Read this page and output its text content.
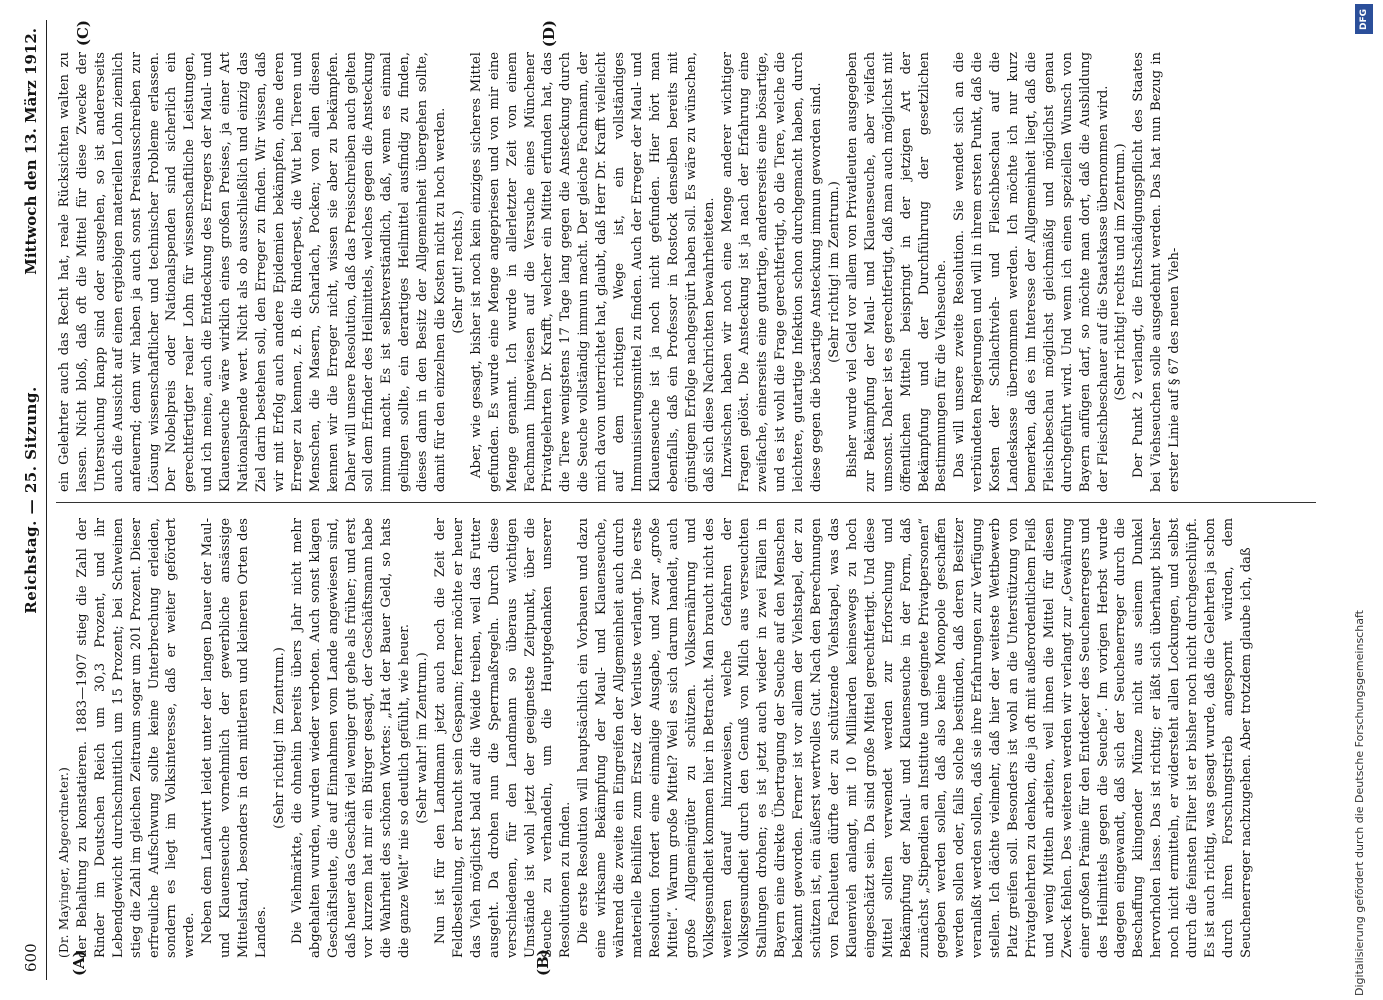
600
Reichstag. — 25. Sitzung.
Mittwoch den 13. März 1912.
(A)	(B)

(Dr. Mayinger, Abgeordneter.) der Behaltung zu konstatieren. 1883—1907 stieg die Zahl der Rinder im Deutschen Reich um 30,3 Prozent, und ihr Lebendgewicht durchschnittlich um 15 Prozent; bei Schweinen stieg die Zahl im gleichen Zeitraum sogar um 201 Prozent. Dieser erfreuliche Aufschwung sollte keine Unterbrechung erleiden, sondern es liegt im Volksinteresse, daß er weiter gefördert werde. Neben dem Landwirt leidet unter der langen Dauer der Maul- und Klauenseuche vornehmlich der gewerbliche ansässige Mittelstand, besonders in den mittleren und kleineren Orten des Landes.

(Sehr richtig! im Zentrum.) Die Viehmärkte, die ohnehin bereits übers Jahr nicht mehr abgehalten wurden, wurden wieder verboten. Auch sonst klagen Geschäftsleute, die auf Einnahmen vom Lande angewiesen sind, daß heuer das Geschäft viel weniger gut gehe als früher; und erst vor kurzem hat mir ein Bürger gesagt, der Geschäftsmann habe die Wahrheit des schönen Wortes: „Hat der Bauer Geld, so hats die ganze Welt“ nie so deutlich gefühlt, wie heuer. (Sehr wahr! im Zentrum.) Nun ist für den Landmann jetzt auch noch die Zeit der Feldbestellung, er braucht sein Gespann; ferner möchte er heuer das Vieh möglichst bald auf die Weide treiben, weil das Futter ausgeht. Da drohen nun die Sperrmaßregeln. Durch diese verschiedenen, für den Landmann so überaus wichtigen Umstände ist wohl jetzt der geeignetste Zeitpunkt, über die Seuche zu verhandeln, um die Hauptgedanken unserer Resolutionen zu finden. Die erste Resolution will hauptsächlich ein Vorbauen und dazu eine wirksame Bekämpfung der Maul- und Klauenseuche, während die zweite ein Eingreifen der Allgemeinheit auch durch materielle Beihilfen zum Ersatz der Verluste verlangt. Die erste Resolution fordert eine einmalige Ausgabe, und zwar „große Mittel“. Warum große Mittel? Weil es sich darum handelt, auch große Allgemeingüter zu schützen. Volksernährung und Volksgesundheit kommen hier in Betracht. Man braucht nicht des weiteren darauf hinzuweisen, welche Gefahren der Volksgesundheit durch den Genuß von Milch aus verseuchten Stallungen drohen; es ist jetzt auch wieder in zwei Fällen in Bayern eine direkte Übertragung der Seuche auf den Menschen bekannt geworden. Ferner ist vor allem der Viehstapel, der zu schützen ist, ein äußerst wertvolles Gut. Nach den Berechnungen von Fachleuten dürfte der zu schützende Viehstapel, was das Klauenvieh anlangt, mit 10 Milliarden keineswegs zu hoch eingeschätzt sein. Da sind große Mittel gerechtfertigt. Und diese Mittel sollten verwendet werden zur Erforschung und Bekämpfung der Maul- und Klauenseuche in der Form, daß zunächst „Stipendien an Institute und geeignete Privatpersonen“ gegeben werden sollen, daß also keine Monopole geschaffen werden sollen oder, falls solche bestünden, daß deren Besitzer veranlaßt werden sollen, daß sie ihre Erfahrungen zur Verfügung stellen. Ich dächte vielmehr, daß hier der weiteste Wettbewerb Platz greifen soll. Besonders ist wohl an die Unterstützung von Privatgelehrten zu denken, die ja oft mit außerordentlichem Fleiß und wenig Mitteln arbeiten, weil ihnen die Mittel für diesen Zweck fehlen. Des weiteren werden wir verlangt zur „Gewährung einer großen Prämie für den Entdecker des Seuchenerregers und des Heilmittels gegen die Seuche“. Im vorigen Herbst wurde dagegen eingewandt, daß sich der Seuchenerreger durch die Beschaffung klingender Münze nicht aus seinem Dunkel hervorholen lasse. Das ist richtig; er läßt sich überhaupt bisher noch nicht ermitteln, er widersteht allen Lockungen, und selbst durch die feinsten Filter ist er bisher noch nicht durchgeschlüpft. Es ist auch richtig, was gesagt wurde, daß die Gelehrten ja schon durch ihren Forschungstrieb angespornt würden, dem Seuchenerreger nachzugehen. Aber trotzdem glaube ich, daß

ein Gelehrter auch das Recht hat, reale Rücksichten walten zu lassen. Nicht bloß, daß oft die Mittel für diese Zwecke der Untersuchung knapp sind oder ausgehen, so ist andererseits auch die Aussicht auf einen ergiebigen materiellen Lohn ziemlich anfeuernd; denn wir haben ja auch sonst Preisausschreiben zur Lösung wissenschaftlicher und technischer Probleme erlassen. Der Nobelpreis oder Nationalspenden sind sicherlich ein gerechtfertigter realer Lohn für wissenschaftliche Leistungen, und ich meine, auch die Entdeckung des Erregers der Maul- und Klauenseuche wäre wirklich eines großen Preises, ja einer Art Nationalspende wert. Nicht als ob ausschließlich und einzig das Ziel darin bestehen soll, den Erreger zu finden. Wir wissen, daß wir mit Erfolg auch andere Epidemien bekämpfen, ohne deren Erreger zu kennen, z. B. die Rinderpest, die Wut bei Tieren und Menschen, die Masern, Scharlach, Pocken; von allen diesen kennen wir die Erreger nicht, wissen sie aber zu bekämpfen. Daher will unsere Resolution, daß das Preisschreiben auch gelten soll dem Erfinder des Heilmittels, welches gegen die Ansteckung immun macht. Es ist selbstverständlich, daß, wenn es einmal gelingen sollte, ein derartiges Heilmittel ausfindig zu finden, dieses dann in den Besitz der Allgemeinheit übergehen sollte, damit für den einzelnen die Kosten nicht zu hoch werden. (Sehr gut! rechts.) Aber, wie gesagt, bisher ist noch kein einziges sicheres Mittel gefunden. Es wurde eine Menge angepriesen und von mir eine Menge genannt. Ich wurde in allerletzter Zeit von einem Fachmann hingewiesen auf die Versuche eines Münchener Privatgelehrten Dr. Krafft, welcher ein Mittel erfunden hat, das die Tiere wenigstens 17 Tage lang gegen die Ansteckung durch die Seuche vollständig immun macht. Der gleiche Fachmann, der mich davon unterrichtet hat, glaubt, daß Herr Dr. Krafft vielleicht auf dem richtigen Wege ist, ein vollständiges Immunisierungsmittel zu finden. Auch der Erreger der Maul- und Klauenseuche ist ja noch nicht gefunden. Hier hört man ebenfalls, daß ein Professor in Rostock denselben bereits mit günstigem Erfolge nachgespürt haben soll. Es wäre zu wünschen, daß sich diese Nachrichten bewahrheiteten. Inzwischen haben wir noch eine Menge anderer wichtiger Fragen gelöst. Die Ansteckung ist ja nach der Erfahrung eine zweifache, einerseits eine gutartige, andererseits eine bösartige, und es ist wohl die Frage gerechtfertigt, ob die Tiere, welche die leichtere, gutartige Infektion schon durchgemacht haben, durch diese gegen die bösartige Ansteckung immun geworden sind. (Sehr richtig! im Zentrum.) Bisher wurde viel Geld vor allem von Privatleuten ausgegeben zur Bekämpfung der Maul- und Klauenseuche, aber vielfach umsonst. Daher ist es gerechtfertigt, daß man auch möglichst mit öffentlichen Mitteln beispringt in der jetzigen Art der Bekämpfung und der Durchführung der gesetzlichen Bestimmungen für die Viehseuche. Das will unsere zweite Resolution. Sie wendet sich an die verbündeten Regierungen und will in ihrem ersten Punkt, daß die Kosten der Schlachtvieh- und Fleischbeschau auf die Landeskasse übernommen werden. Ich möchte ich nur kurz bemerken, daß es im Interesse der Allgemeinheit liegt, daß die Fleischbeschau möglichst gleichmäßig und möglichst genau durchgeführt wird. Und wenn ich einen speziellen Wunsch von Bayern anfügen darf, so möchte man dort, daß die Ausbildung der Fleischbeschauer auf die Staatskasse übernommen wird. (Sehr richtig! rechts und im Zentrum.) Der Punkt 2 verlangt, die Entschädigungspflicht des Staates bei Viehseuchen solle ausgedehnt werden. Das hat nun Bezug in erster Linie auf § 67 des neuen Vieh-

(C)	(D)
DFG
Digitalisierung gefördert durch die Deutsche Forschungsgemeinschaft
